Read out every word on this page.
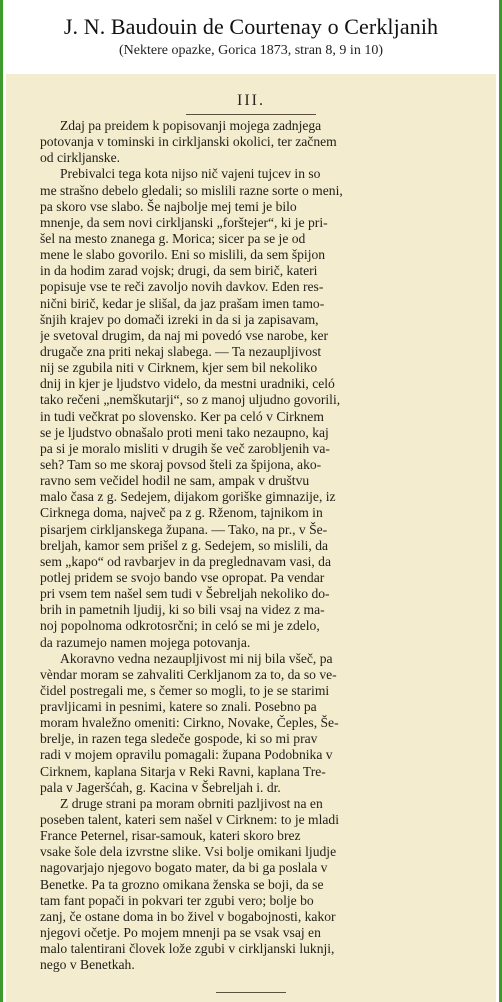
J. N. Baudouin de Courtenay o Cerkljanih
(Nektere opazke, Gorica 1873, stran 8, 9 in 10)
III.
Zdaj pa preidem k popisovanji mojega zadnjega
potovanja v tominski in cirkljanski okolici, ter začnem
od cirkljanske.
Prebivalci tega kota nijso nič vajeni tujcev in so
me strašno debelo gledali; so mislili razne sorte o meni,
pa skoro vse slabo. Še najbolje mej temi je bilo
mnenje, da sem novi cirkljanski „forštejer“, ki je pri-
šel na mesto znanega g. Morica; sicer pa se je od
mene le slabo govorilo. Eni so mislili, da sem špijon
in da hodim zarad vojsk; drugi, da sem birič, kateri
popisuje vse te reči zavoljo novih davkov. Eden res-
nični birič, kedar je slišal, da jaz prašam imen tamo-
šnjih krajev po domači izreki in da si ja zapisavam,
je svetoval drugim, da naj mi povedó vse narobe, ker
drugače zna priti nekaj slabega. — Ta nezaupljivost
nij se zgubila niti v Cirknem, kjer sem bil nekoliko
dnij in kjer je ljudstvo videlo, da mestni uradniki, celó
tako rečeni „nemškutarji“, so z manoj uljudno govorili,
in tudi večkrat po slovensko. Ker pa celó v Cirknem
se je ljudstvo obnašalo proti meni tako nezaupno, kaj
pa si je moralo misliti v drugih še več zarobljenih va-
seh? Tam so me skoraj povsod šteli za špijona, ako-
ravno sem večidel hodil ne sam, ampak v društvu
malo časa z g. Sedejem, dijakom goriške gimnazije, iz
Cirknega doma, največ pa z g. Rženom, tajnikom in
pisarjem cirkljanskega župana. — Tako, na pr., v Še-
breljah, kamor sem prišel z g. Sedejem, so mislili, da
sem „kapo“ od ravbarjev in da preglednavam vasi, da
potlej pridem se svojo bando vse opropat. Pa vendar
pri vsem tem našel sem tudi v Šebreljah nekoliko do-
brih in pametnih ljudij, ki so bili vsaj na videz z ma-
noj popolnoma odkrotosrčni; in celó se mi je zdelo,
da razumejo namen mojega potovanja.
Akoravno vedna nezaupljivost mi nij bila všeč, pa
vèndar moram se zahvaliti Cerkljanom za to, da so ve-
čidel postregali me, s čemer so mogli, to je se starimi
pravljicami in pesnimi, katere so znali. Posebno pa
moram hvaležno omeniti: Cirkno, Novake, Čeples, Še-
brelje, in razen tega sledeče gospode, ki so mi prav
radi v mojem opravilu pomagali: župana Podobnika v
Cirknem, kaplana Sitarja v Reki Ravni, kaplana Tre-
pala v Jageršćah, g. Kacina v Šebreljah i. dr.
Z druge strani pa moram obrniti pazljivost na en
poseben talent, kateri sem našel v Cirknem: to je mladi
France Peternel, risar-samouk, kateri skoro brez
vsake šole dela izvrstne slike. Vsi bolje omikani ljudje
nagovarjajo njegovo bogato mater, da bi ga poslala v
Benetke. Pa ta grozno omikana ženska se boji, da se
tam fant popači in pokvari ter zgubi vero; bolje bo
zanj, če ostane doma in bo živel v bogabojnosti, kakor
njegovi očetje. Po mojem mnenji pa se vsak vsaj en
malo talentirani človek lože zgubi v cirkljanski luknji,
nego v Benetkah.
